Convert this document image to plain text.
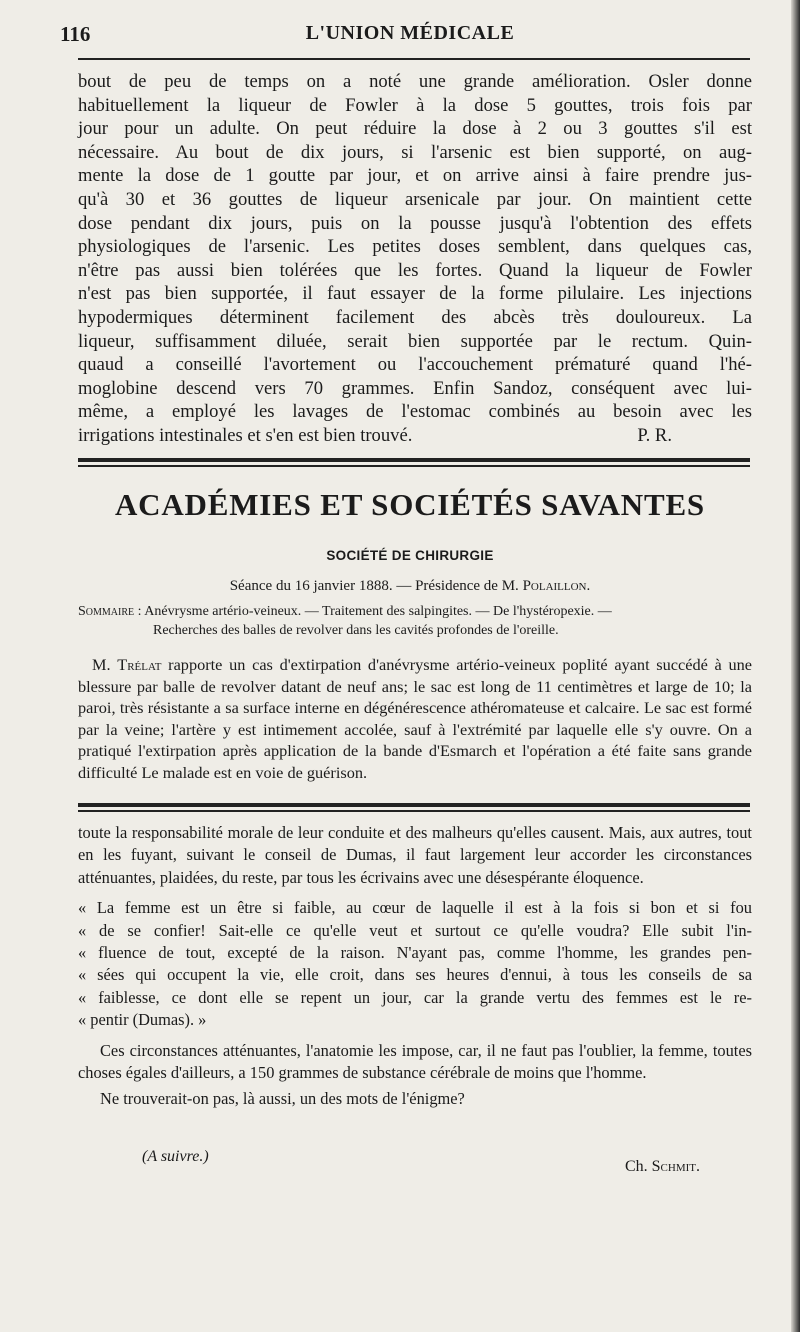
116	L'UNION MÉDICALE
bout de peu de temps on a noté une grande amélioration. Osler donne
habituellement la liqueur de Fowler à la dose 5 gouttes, trois fois par
jour pour un adulte. On peut réduire la dose à 2 ou 3 gouttes s'il est
nécessaire. Au bout de dix jours, si l'arsenic est bien supporté, on aug-
mente la dose de 1 goutte par jour, et on arrive ainsi à faire prendre jus-
qu'à 30 et 36 gouttes de liqueur arsenicale par jour. On maintient cette
dose pendant dix jours, puis on la pousse jusqu'à l'obtention des effets
physiologiques de l'arsenic. Les petites doses semblent, dans quelques cas,
n'être pas aussi bien tolérées que les fortes. Quand la liqueur de Fowler
n'est pas bien supportée, il faut essayer de la forme pilulaire. Les injections
hypodermiques déterminent facilement des abcès très douloureux. La
liqueur, suffisamment diluée, serait bien supportée par le rectum. Quin-
quaud a conseillé l'avortement ou l'accouchement prématuré quand l'hé-
moglobine descend vers 70 grammes. Enfin Sandoz, conséquent avec lui-
même, a employé les lavages de l'estomac combinés au besoin avec les
irrigations intestinales et s'en est bien trouvé.	P. R.
ACADÉMIES ET SOCIÉTÉS SAVANTES
SOCIÉTÉ DE CHIRURGIE
Séance du 16 janvier 1888. — Présidence de M. Polaillon.
Sommaire : Anévrysme artério-veineux. — Traitement des salpingites. — De l'hystéropexie. —
Recherches des balles de revolver dans les cavités profondes de l'oreille.

M. Trélat rapporte un cas d'extirpation d'anévrysme artério-veineux poplité ayant succédé à une blessure par balle de revolver datant de neuf ans; le sac est long de 11 centimètres et large de 10; la paroi, très résistante a sa surface interne en dégénérescence athéromateuse et calcaire. Le sac est formé par la veine; l'artère y est intimement accolée, sauf à l'extrémité par laquelle elle s'y ouvre. On a pratiqué l'extirpation après application de la bande d'Esmarch et l'opération a été faite sans grande difficulté Le malade est en voie de guérison.

toute la responsabilité morale de leur conduite et des malheurs qu'elles causent. Mais, aux autres, tout en les fuyant, suivant le conseil de Dumas, il faut largement leur accorder les circonstances atténuantes, plaidées, du reste, par tous les écrivains avec une désespérante éloquence.

« La femme est un être si faible, au cœur de laquelle il est à la fois si bon et si fou
« de se confier! Sait-elle ce qu'elle veut et surtout ce qu'elle voudra? Elle subit l'in-
« fluence de tout, excepté de la raison. N'ayant pas, comme l'homme, les grandes pen-
« sées qui occupent la vie, elle croit, dans ses heures d'ennui, à tous les conseils de sa
« faiblesse, ce dont elle se repent un jour, car la grande vertu des femmes est le re-
« pentir (Dumas). »

Ces circonstances atténuantes, l'anatomie les impose, car, il ne faut pas l'oublier, la femme, toutes choses égales d'ailleurs, a 150 grammes de substance cérébrale de moins que l'homme.

Ne trouverait-on pas, là aussi, un des mots de l'énigme?

(A suivre.)
Ch. Schmit.
